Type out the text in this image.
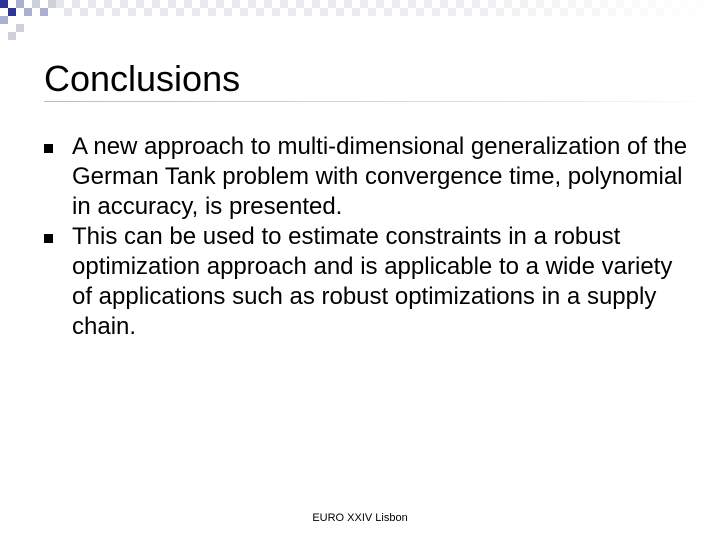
Conclusions
A new approach to multi-dimensional generalization of the German Tank problem with convergence time, polynomial in accuracy, is presented.
This can be used to estimate constraints in a robust optimization approach and is applicable to a wide variety of applications such as robust optimizations in a supply chain.
EURO XXIV Lisbon
